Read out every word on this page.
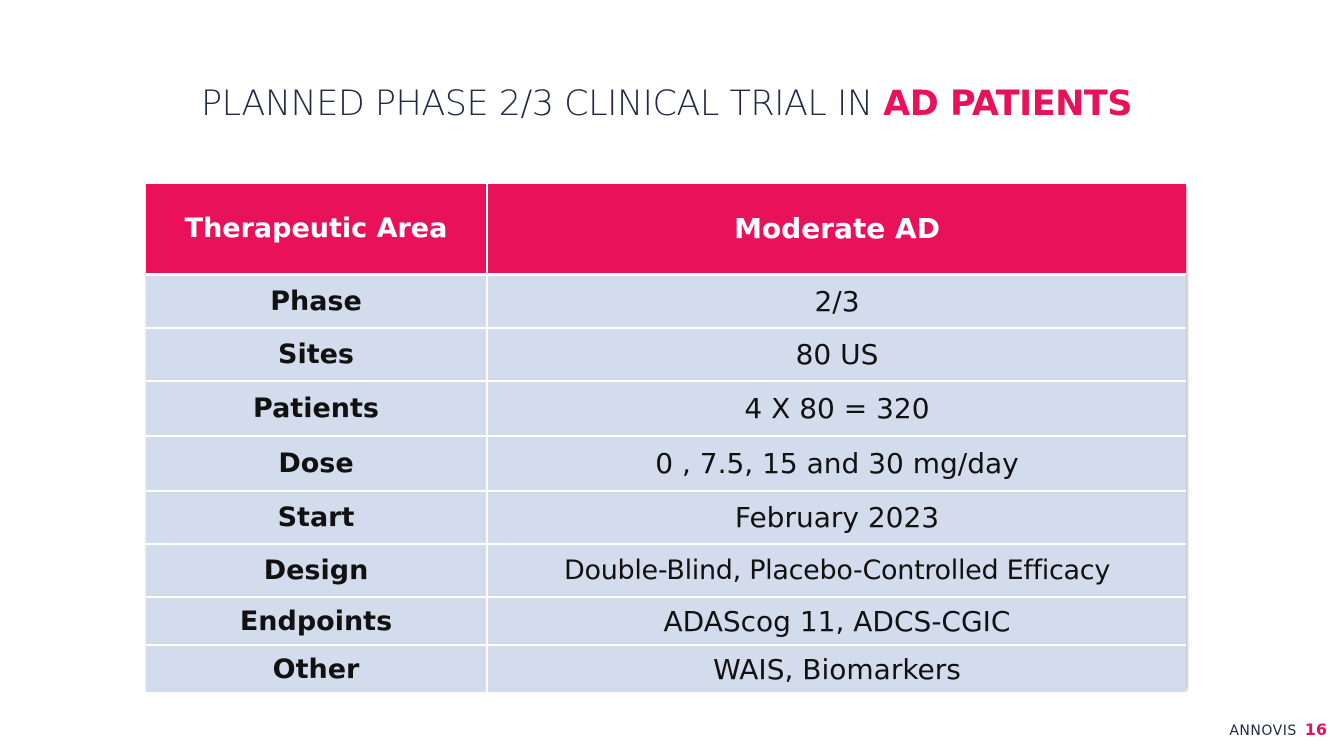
PLANNED PHASE 2/3 CLINICAL TRIAL IN AD PATIENTS
Therapeutic Area	Moderate AD
Phase	2/3
Sites	80 US
Patients	4 X 80 = 320
Dose	0 , 7.5, 15 and 30 mg/day
Start	February 2023
Design	Double-Blind, Placebo-Controlled Efficacy
Endpoints	ADAScog 11, ADCS-CGIC
Other	WAIS, Biomarkers
ANNOVIS 16
